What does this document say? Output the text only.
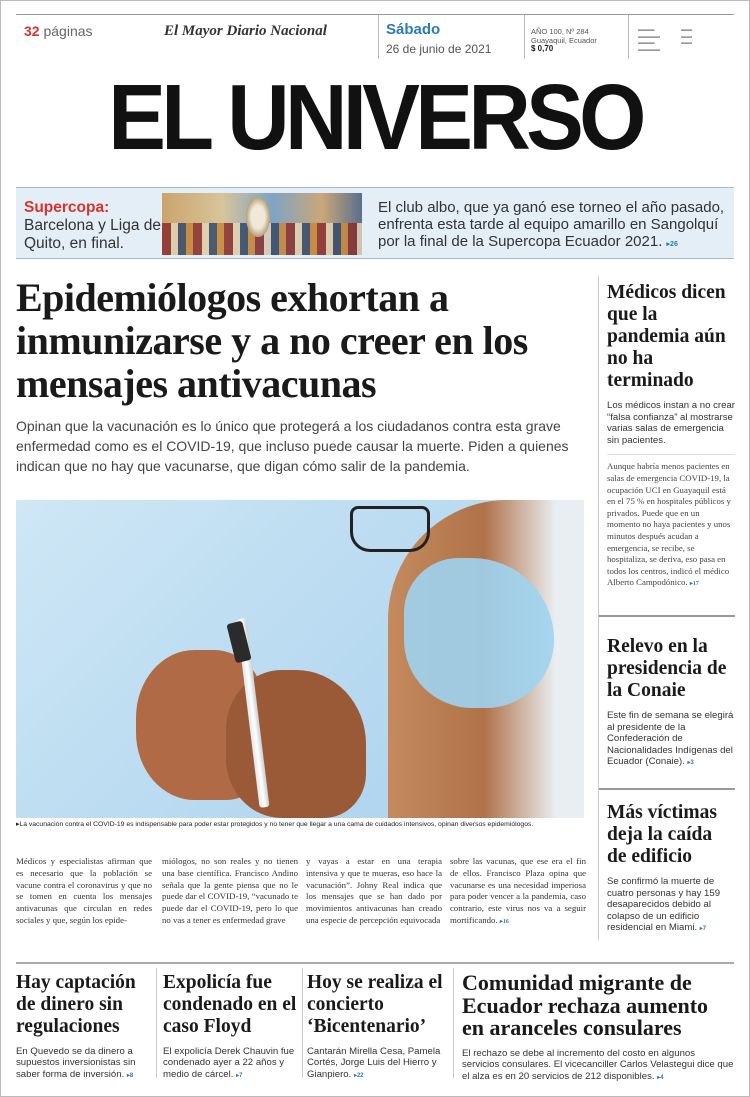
32 páginas	El Mayor Diario Nacional	Sábado
26 de junio de 2021
AÑO 100, Nº 284
Guayaquil, Ecuador
$ 0,70
▬▬▬
▬▬▬▬
▬▬▬
▬▬▬▬
▬▬
▬▬
▬▬
EL UNIVERSO
Supercopa: Barcelona y Liga de Quito, en final.
El club albo, que ya ganó ese torneo el año pasado, enfrenta esta tarde al equipo amarillo en Sangolquí por la final de la Supercopa Ecuador 2021. ▸26
Epidemiólogos exhortan a inmunizarse y a no creer en los mensajes antivacunas

Opinan que la vacunación es lo único que protegerá a los ciudadanos contra esta grave enfermedad como es el COVID-19, que incluso puede causar la muerte. Piden a quienes indican que no hay que vacunarse, que digan cómo salir de la pandemia.

▸La vacunación contra el COVID-19 es indispensable para poder estar protegidos y no tener que llegar a una cama de cuidados intensivos, opinan diversos epidemiólogos.
Médicos y especialistas afirman que es necesario que la población se vacune contra el coronavirus y que no se tomen en cuenta los mensajes antivacunas que circulan en redes sociales y que, según los epide-
miólogos, no son reales y no tienen una base científica. Francisco Andino señala que la gente piensa que no le puede dar el COVID-19, “vacunado te puede dar el COVID-19, pero lo que no vas a tener es enfermedad grave
y vayas a estar en una terapia intensiva y que te mueras, eso hace la vacunación”. Johny Real indica que los mensajes que se han dado por movimientos antivacunas han creado una especie de percepción equivocada
sobre las vacunas, que ese era el fin de ellos. Francisco Plaza opina que vacunarse es una necesidad imperiosa para poder vencer a la pandemia, caso contrario, este virus nos va a seguir mortificando. ▸16
Médicos dicen que la pandemia aún no ha terminado
Los médicos instan a no crear “falsa confianza” al mostrarse varias salas de emergencia sin pacientes.
Aunque habría menos pacientes en salas de emergencia COVID-19, la ocupación UCI en Guayaquil está en el 75 % en hospitales públicos y privados. Puede que en un momento no haya pacientes y unos minutos después acudan a emergencia, se recibe, se hospitaliza, se deriva, eso pasa en todos los centros, indicó el médico Alberto Campodónico. ▸17
Relevo en la presidencia de la Conaie
Este fin de semana se elegirá al presidente de la Confederación de Nacionalidades Indígenas del Ecuador (Conaie). ▸3
Más víctimas deja la caída de edificio
Se confirmó la muerte de cuatro personas y hay 159 desaparecidos debido al colapso de un edificio residencial en Miami. ▸7
Hay captación de dinero sin regulaciones
En Quevedo se da dinero a supuestos inversionistas sin saber forma de inversión. ▸8
Expolicía fue condenado en el caso Floyd
El expolicía Derek Chauvin fue condenado ayer a 22 años y medio de cárcel. ▸7
Hoy se realiza el concierto ‘Bicentenario’
Cantarán Mirella Cesa, Pamela Cortés, Jorge Luis del Hierro y Gianpiero. ▸22
Comunidad migrante de Ecuador rechaza aumento en aranceles consulares
El rechazo se debe al incremento del costo en algunos servicios consulares. El vicecanciller Carlos Velastegui dice que el alza es en 20 servicios de 212 disponibles. ▸4
